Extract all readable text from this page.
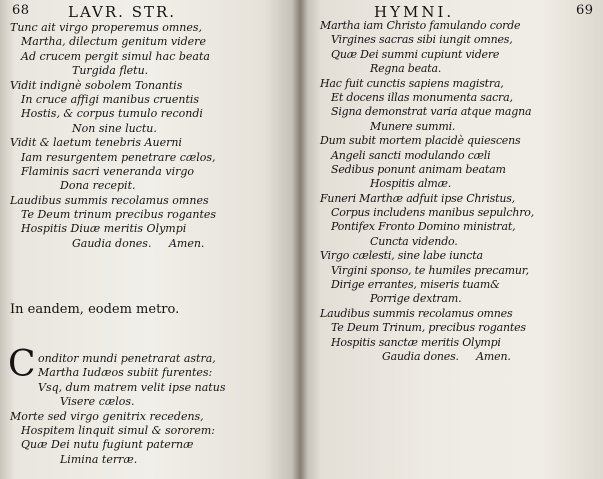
68	LAVR. STR.

Tunc ait virgo properemus omnes,
Martha, dilectum genitum videre
Ad crucem pergit simul hac beata
Turgida fletu.
Vidit indignè sobolem Tonantis
In cruce affigi manibus cruentis
Hostis, & corpus tumulo recondi
Non sine luctu.
Vidit & laetum tenebris Auerni
Iam resurgentem penetrare cælos,
Flaminis sacri veneranda virgo
Dona recepit.
Laudibus summis recolamus omnes
Te Deum trinum precibus rogantes
Hospitis Diuæ meritis Olympi
Gaudia dones. Amen.
In eandem, eodem metro.
C onditor mundi penetrarat astra,
Martha Iudæos subiit furentes:
Vsq, dum matrem velit ipse natus
Visere cælos.
Morte sed virgo genitrix recedens,
Hospitem linquit simul & sororem:
Quæ Dei nutu fugiunt paternæ
Limina terræ.
HYMNI.	69
Martha iam Christo famulando corde
Virgines sacras sibi iungit omnes,
Quæ Dei summi cupiunt videre
Regna beata.
Hac fuit cunctis sapiens magistra,
Et docens illas monumenta sacra,
Signa demonstrat varia atque magna
Munere summi.
Dum subit mortem placidè quiescens
Angeli sancti modulando cæli
Sedibus ponunt animam beatam
Hospitis almæ.
Funeri Marthæ adfuit ipse Christus,
Corpus includens manibus sepulchro,
Pontifex Fronto Domino ministrat,
Cuncta videndo.
Virgo cælesti, sine labe iuncta
Virgini sponso, te humiles precamur,
Dirige errantes, miseris tuam&
Porrige dextram.
Laudibus summis recolamus omnes
Te Deum Trinum, precibus rogantes
Hospitis sanctæ meritis Olympi
Gaudia dones. Amen.
